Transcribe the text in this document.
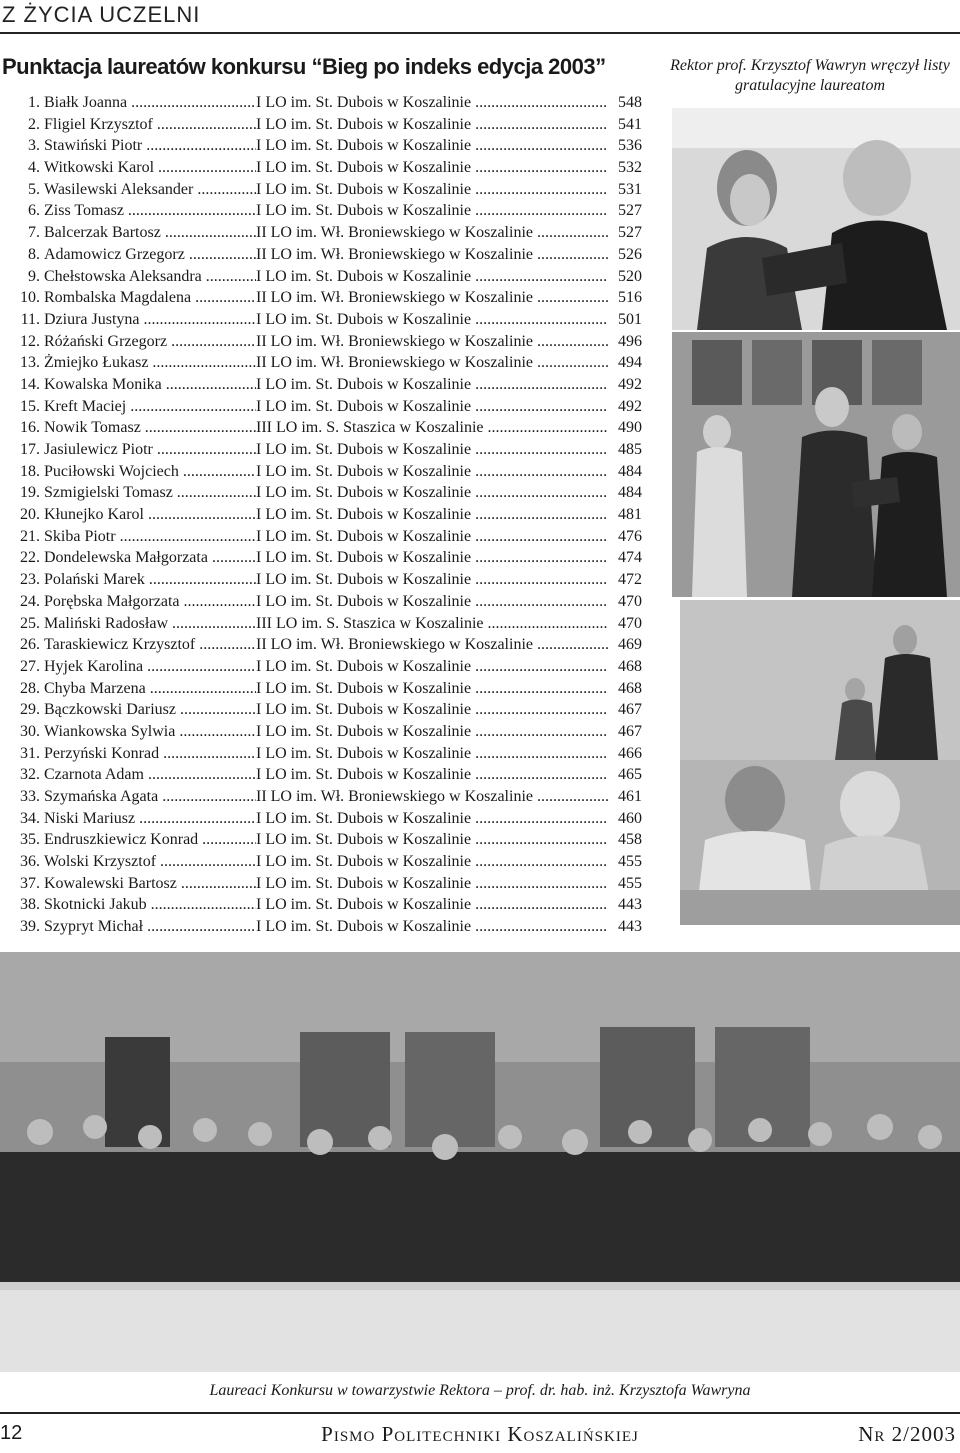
Z ŻYCIA UCZELNI
Punktacja laureatów konkursu “Bieg po indeks edycja 2003”
1. Białk Joanna .....	I LO im. St. Dubois w Koszalinie .....	548
2. Fligiel Krzysztof .....	I LO im. St. Dubois w Koszalinie .....	541
3. Stawiński Piotr .....	I LO im. St. Dubois w Koszalinie .....	536
4. Witkowski Karol .....	I LO im. St. Dubois w Koszalinie .....	532
5. Wasilewski Aleksander .....	I LO im. St. Dubois w Koszalinie .....	531
6. Ziss Tomasz .....	I LO im. St. Dubois w Koszalinie .....	527
7. Balcerzak Bartosz .....	II LO im. Wł. Broniewskiego w Koszalinie .....	527
8. Adamowicz Grzegorz .....	II LO im. Wł. Broniewskiego w Koszalinie .....	526
9. Chełstowska Aleksandra .....	I LO im. St. Dubois w Koszalinie .....	520
10. Rombalska Magdalena .....	II LO im. Wł. Broniewskiego w Koszalinie .....	516
11. Dziura Justyna .....	I LO im. St. Dubois w Koszalinie .....	501
12. Różański Grzegorz .....	II LO im. Wł. Broniewskiego w Koszalinie .....	496
13. Żmiejko Łukasz .....	II LO im. Wł. Broniewskiego w Koszalinie .....	494
14. Kowalska Monika .....	I LO im. St. Dubois w Koszalinie .....	492
15. Kreft Maciej .....	I LO im. St. Dubois w Koszalinie .....	492
16. Nowik Tomasz .....	III LO im. S. Staszica w Koszalinie .....	490
17. Jasiulewicz Piotr .....	I LO im. St. Dubois w Koszalinie .....	485
18. Puciłowski Wojciech .....	I LO im. St. Dubois w Koszalinie .....	484
19. Szmigielski Tomasz .....	I LO im. St. Dubois w Koszalinie .....	484
20. Kłunejko Karol .....	I LO im. St. Dubois w Koszalinie .....	481
21. Skiba Piotr .....	I LO im. St. Dubois w Koszalinie .....	476
22. Dondelewska Małgorzata .....	I LO im. St. Dubois w Koszalinie .....	474
23. Polański Marek .....	I LO im. St. Dubois w Koszalinie .....	472
24. Porębska Małgorzata .....	I LO im. St. Dubois w Koszalinie .....	470
25. Maliński Radosław .....	III LO im. S. Staszica w Koszalinie .....	470
26. Taraskiewicz Krzysztof .....	II LO im. Wł. Broniewskiego w Koszalinie .....	469
27. Hyjek Karolina .....	I LO im. St. Dubois w Koszalinie .....	468
28. Chyba Marzena .....	I LO im. St. Dubois w Koszalinie .....	468
29. Bączkowski Dariusz .....	I LO im. St. Dubois w Koszalinie .....	467
30. Wiankowska Sylwia .....	I LO im. St. Dubois w Koszalinie .....	467
31. Perzyński Konrad .....	I LO im. St. Dubois w Koszalinie .....	466
32. Czarnota Adam .....	I LO im. St. Dubois w Koszalinie .....	465
33. Szymańska Agata .....	II LO im. Wł. Broniewskiego w Koszalinie .....	461
34. Niski Mariusz .....	I LO im. St. Dubois w Koszalinie .....	460
35. Endruszkiewicz Konrad .....	I LO im. St. Dubois w Koszalinie .....	458
36. Wolski Krzysztof .....	I LO im. St. Dubois w Koszalinie .....	455
37. Kowalewski Bartosz .....	I LO im. St. Dubois w Koszalinie .....	455
38. Skotnicki Jakub .....	I LO im. St. Dubois w Koszalinie .....	443
39. Szypryt Michał .....	I LO im. St. Dubois w Koszalinie .....	443
Rektor prof. Krzysztof Wawryn wręczył listy gratulacyjne laureatom
Laureaci Konkursu w towarzystwie Rektora – prof. dr. hab. inż. Krzysztofa Wawryna
12	Pismo Politechniki Koszalińskiej	Nr 2/2003
